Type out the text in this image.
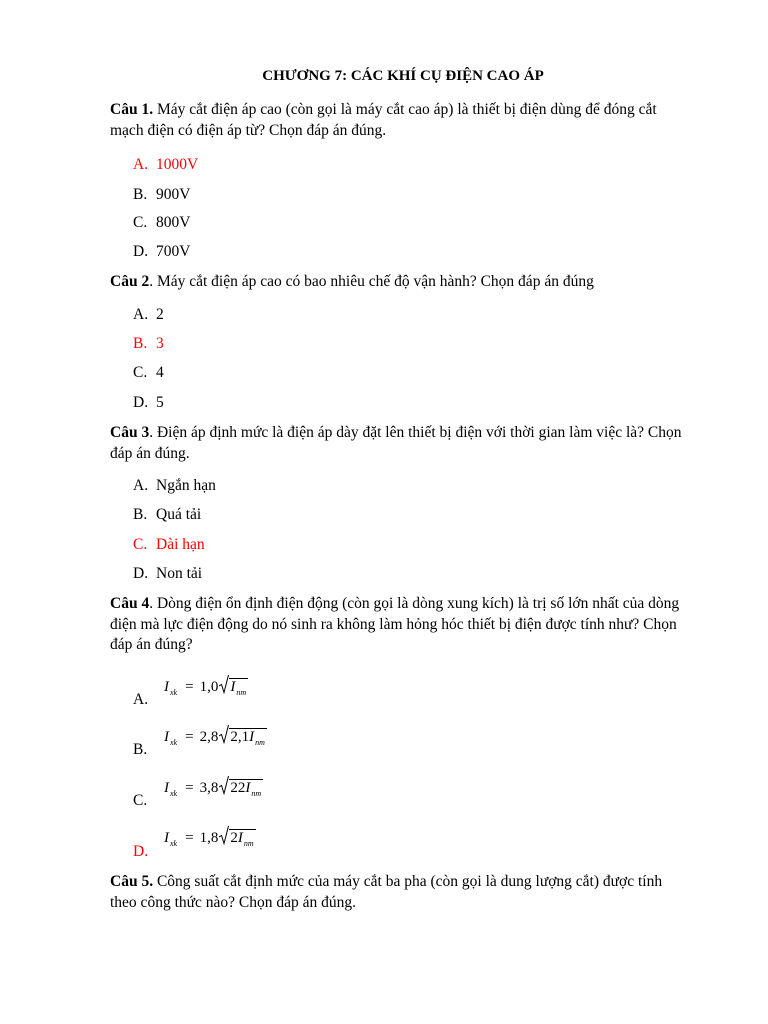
CHƯƠNG 7: CÁC KHÍ CỤ ĐIỆN CAO ÁP
Câu 1. Máy cắt điện áp cao (còn gọi là máy cắt cao áp) là thiết bị điện dùng để đóng cắt mạch điện có điện áp từ? Chọn đáp án đúng.
A. 1000V
B. 900V
C. 800V
D. 700V
Câu 2. Máy cắt điện áp cao có bao nhiêu chế độ vận hành? Chọn đáp án đúng
A. 2
B. 3
C. 4
D. 5
Câu 3. Điện áp định mức là điện áp dày đặt lên thiết bị điện với thời gian làm việc là? Chọn đáp án đúng.
A. Ngắn hạn
B. Quá tải
C. Dài hạn
D. Non tải
Câu 4. Dòng điện ổn định điện động (còn gọi là dòng xung kích) là trị số lớn nhất của dòng điện mà lực điện động do nó sinh ra không làm hỏng hóc thiết bị điện được tính như? Chọn đáp án đúng?
$I_{xk} = 1,0$ $I_{nm}$
A.
$I_{xk} = 2,8$ $2,1I_{nm}$
B.
$I_{xk} = 3,8$ $22I_{nm}$
C.
$I_{xk} = 1,8$ $2I_{nm}$
D.
Câu 5. Công suất cắt định mức của máy cắt ba pha (còn gọi là dung lượng cắt) được tính theo công thức nào? Chọn đáp án đúng.
